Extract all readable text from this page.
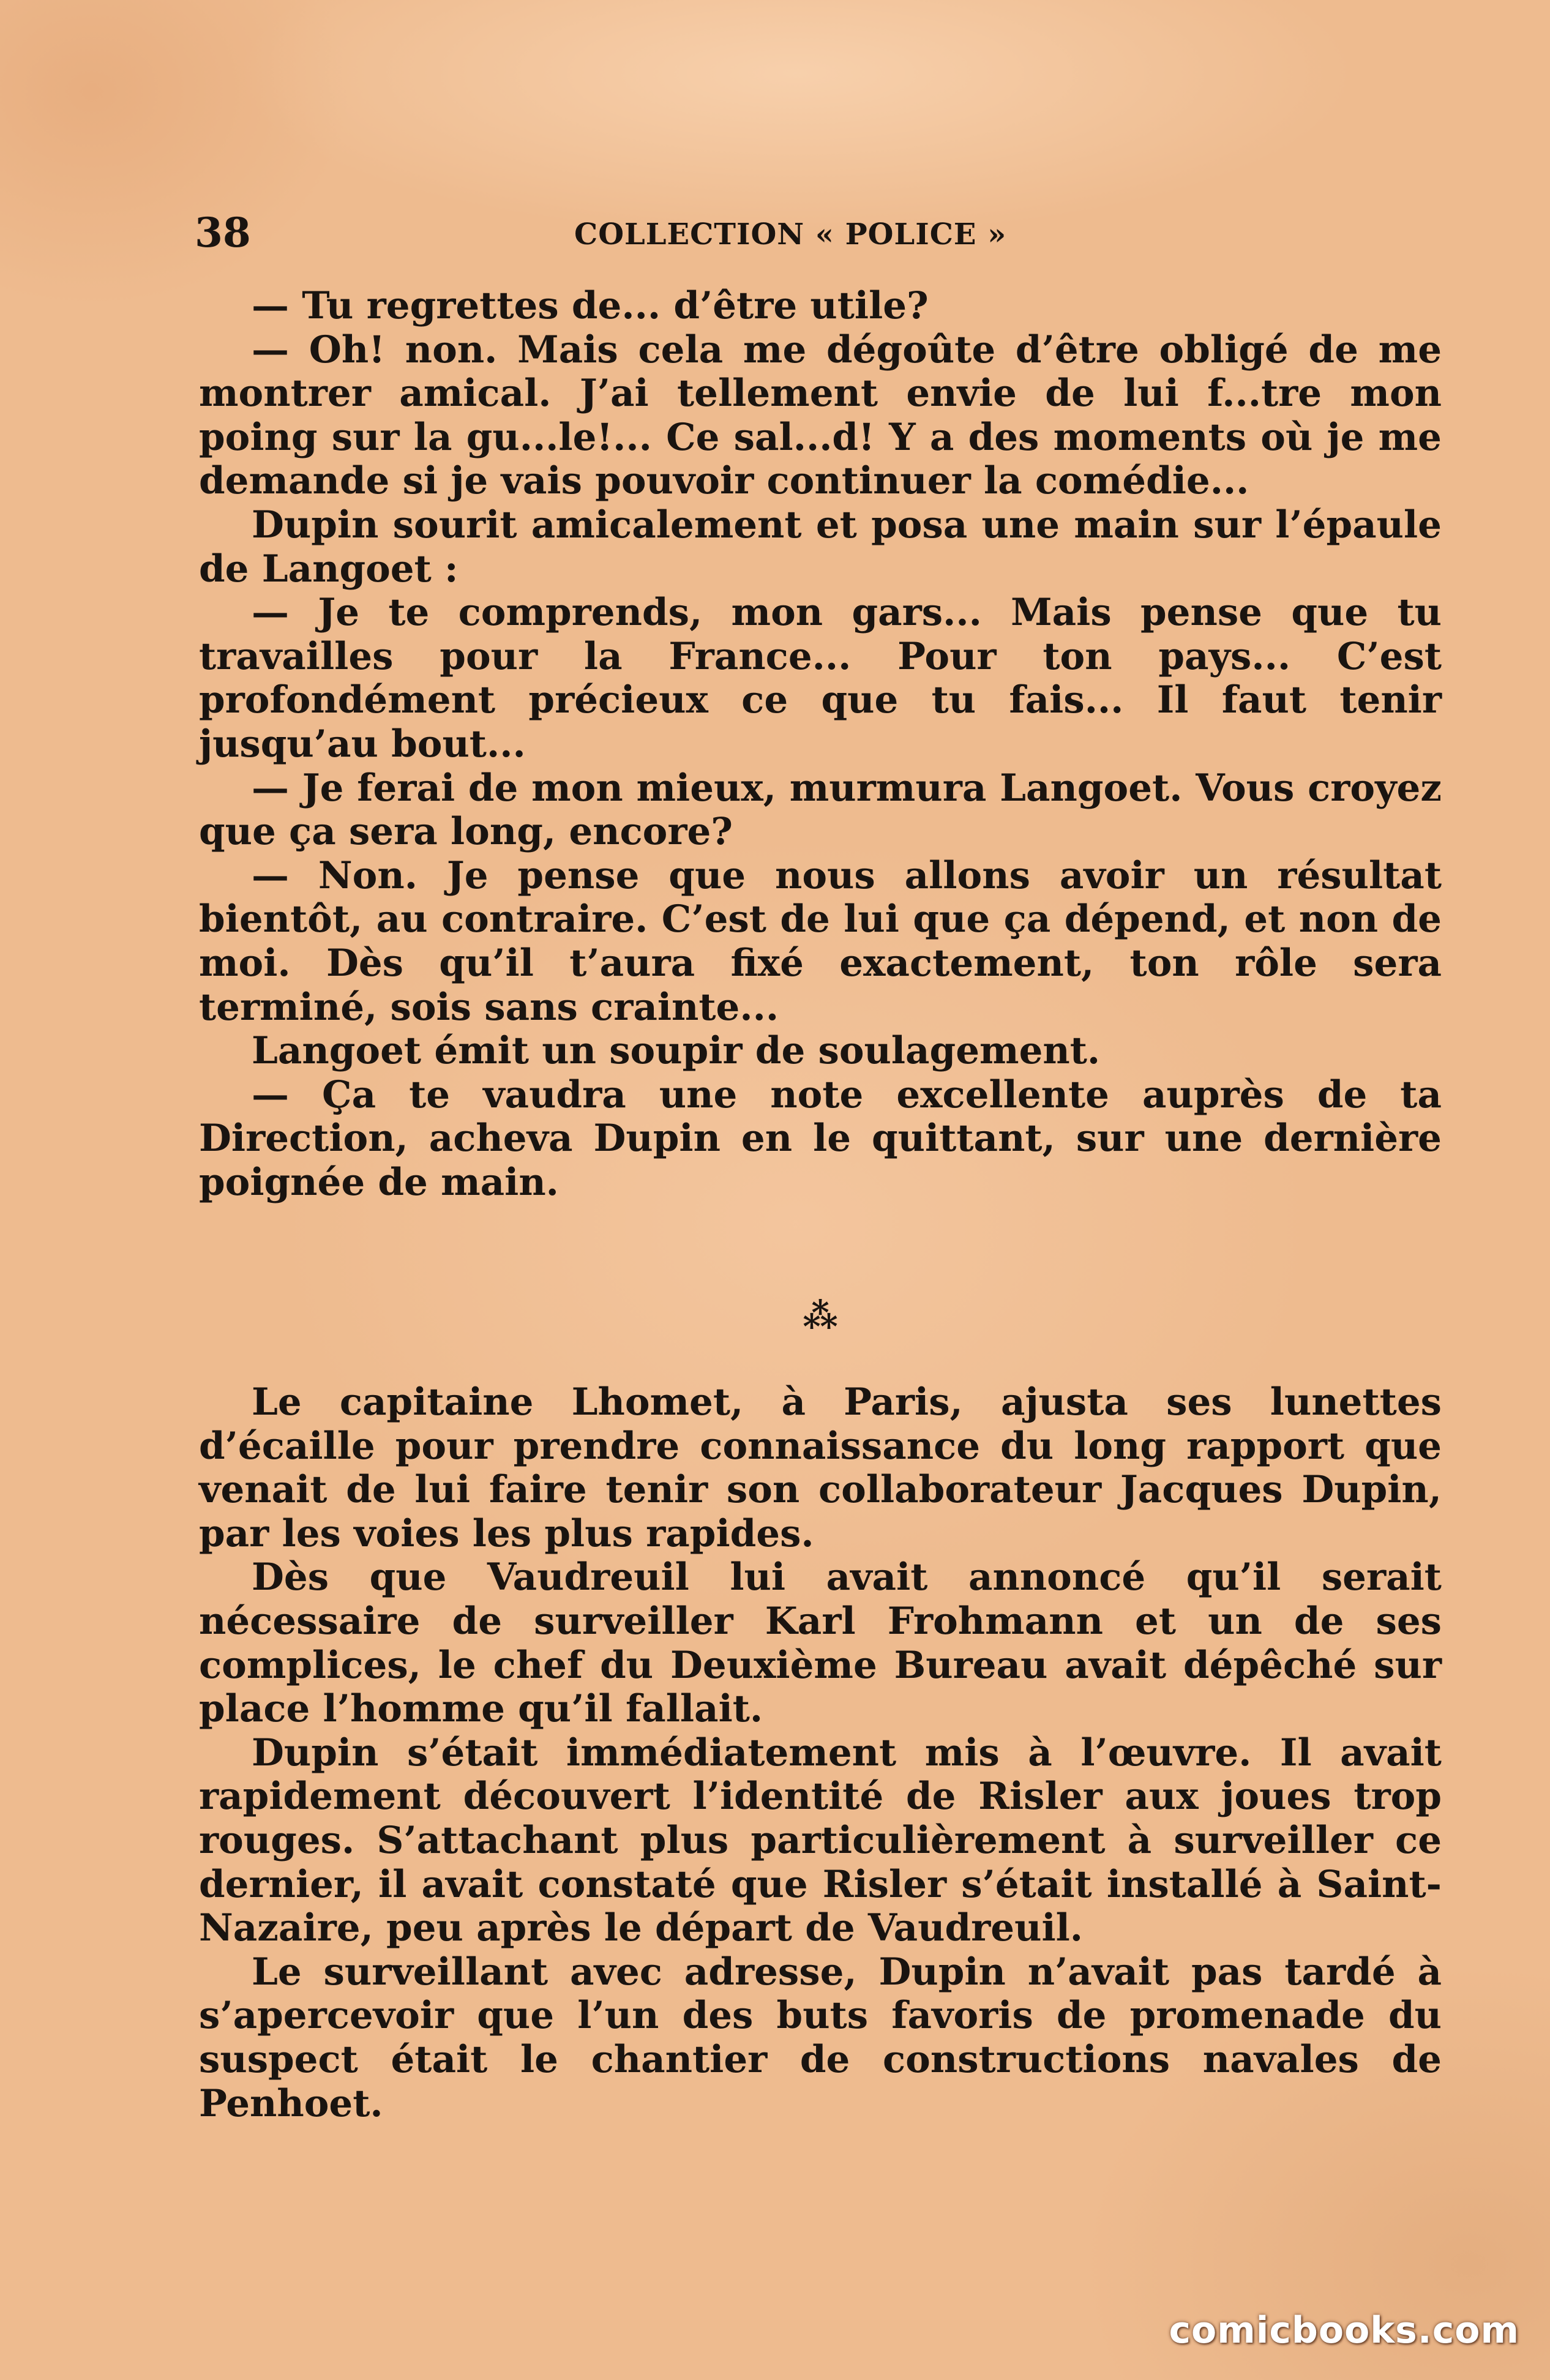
38	COLLECTION « POLICE »

— Tu regrettes de... d’être utile?

— Oh! non. Mais cela me dégoûte d’être obligé de me montrer amical. J’ai tellement envie de lui f...tre mon poing sur la gu...le!... Ce sal...d! Y a des moments où je me demande si je vais pouvoir continuer la comédie...

Dupin sourit amicalement et posa une main sur l’épaule de Langoet :

— Je te comprends, mon gars... Mais pense que tu travailles pour la France... Pour ton pays... C’est profondément précieux ce que tu fais... Il faut tenir jusqu’au bout...

— Je ferai de mon mieux, murmura Langoet. Vous croyez que ça sera long, encore?

— Non. Je pense que nous allons avoir un résultat bientôt, au contraire. C’est de lui que ça dépend, et non de moi. Dès qu’il t’aura fixé exactement, ton rôle sera terminé, sois sans crainte...

Langoet émit un soupir de soulagement.

— Ça te vaudra une note excellente auprès de ta Direction, acheva Dupin en le quittant, sur une dernière poignée de main.

⁂

Le capitaine Lhomet, à Paris, ajusta ses lunettes d’écaille pour prendre connaissance du long rapport que venait de lui faire tenir son collaborateur Jacques Dupin, par les voies les plus rapides.

Dès que Vaudreuil lui avait annoncé qu’il serait nécessaire de surveiller Karl Frohmann et un de ses complices, le chef du Deuxième Bureau avait dépêché sur place l’homme qu’il fallait.

Dupin s’était immédiatement mis à l’œuvre. Il avait rapidement découvert l’identité de Risler aux joues trop rouges. S’attachant plus particulièrement à surveiller ce dernier, il avait constaté que Risler s’était installé à Saint-Nazaire, peu après le départ de Vaudreuil.

Le surveillant avec adresse, Dupin n’avait pas tardé à s’apercevoir que l’un des buts favoris de promenade du suspect était le chantier de constructions navales de Penhoet.

comicbooks.com
